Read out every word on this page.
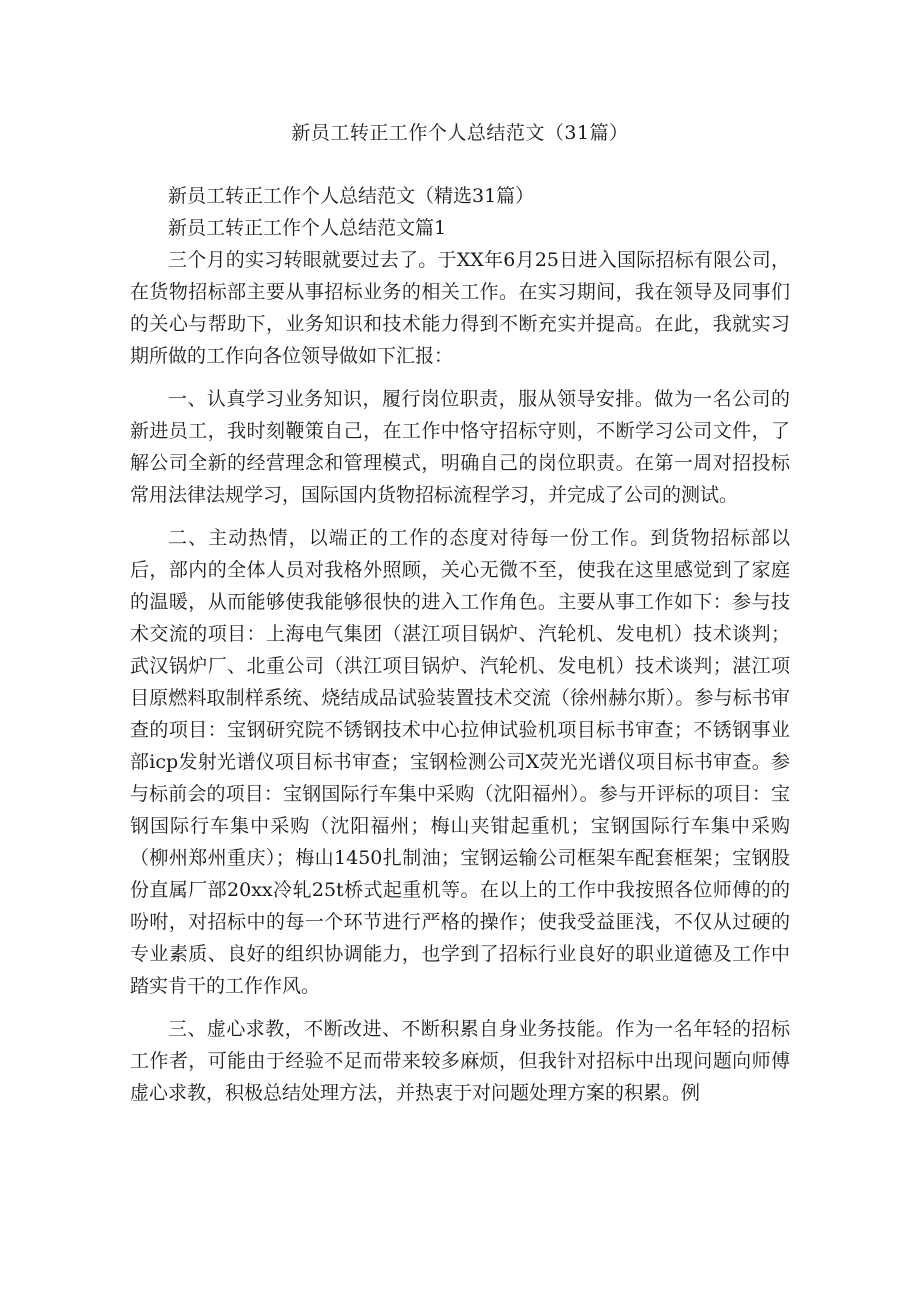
新员工转正工作个人总结范文（31篇）

新员工转正工作个人总结范文（精选31篇）

新员工转正工作个人总结范文篇1

三个月的实习转眼就要过去了。于XX年6月25日进入国际招标有限公司，在货物招标部主要从事招标业务的相关工作。在实习期间，我在领导及同事们的关心与帮助下，业务知识和技术能力得到不断充实并提高。在此，我就实习期所做的工作向各位领导做如下汇报：

一、认真学习业务知识，履行岗位职责，服从领导安排。做为一名公司的新进员工，我时刻鞭策自己，在工作中恪守招标守则，不断学习公司文件，了解公司全新的经营理念和管理模式，明确自己的岗位职责。在第一周对招投标常用法律法规学习，国际国内货物招标流程学习，并完成了公司的测试。

二、主动热情，以端正的工作的态度对待每一份工作。到货物招标部以后，部内的全体人员对我格外照顾，关心无微不至，使我在这里感觉到了家庭的温暖，从而能够使我能够很快的进入工作角色。主要从事工作如下：参与技术交流的项目：上海电气集团（湛江项目锅炉、汽轮机、发电机）技术谈判；武汉锅炉厂、北重公司（洪江项目锅炉、汽轮机、发电机）技术谈判；湛江项目原燃料取制样系统、烧结成品试验装置技术交流（徐州赫尔斯）。参与标书审查的项目：宝钢研究院不锈钢技术中心拉伸试验机项目标书审查；不锈钢事业部icp发射光谱仪项目标书审查；宝钢检测公司X荧光光谱仪项目标书审查。参与标前会的项目：宝钢国际行车集中采购（沈阳福州）。参与开评标的项目：宝钢国际行车集中采购（沈阳福州；梅山夹钳起重机；宝钢国际行车集中采购（柳州郑州重庆）；梅山1450扎制油；宝钢运输公司框架车配套框架；宝钢股份直属厂部20xx冷轧25t桥式起重机等。在以上的工作中我按照各位师傅的的吩咐，对招标中的每一个环节进行严格的操作；使我受益匪浅，不仅从过硬的专业素质、良好的组织协调能力，也学到了招标行业良好的职业道德及工作中踏实肯干的工作作风。

三、虚心求教，不断改进、不断积累自身业务技能。作为一名年轻的招标工作者，可能由于经验不足而带来较多麻烦，但我针对招标中出现问题向师傅虚心求教，积极总结处理方法，并热衷于对问题处理方案的积累。例
